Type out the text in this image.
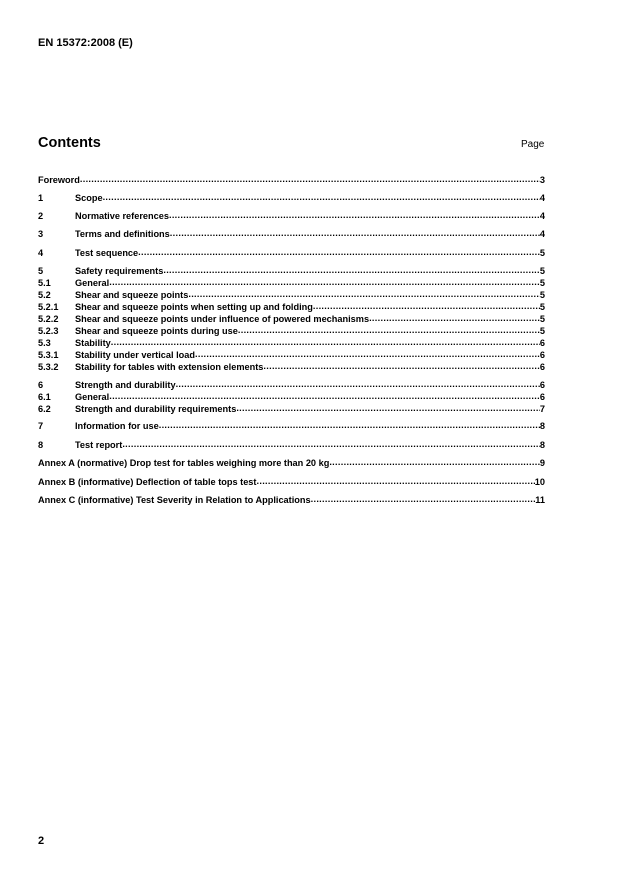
EN 15372:2008 (E)
Contents	Page
Foreword .....	3
1	Scope .....	4
2	Normative references .....	4
3	Terms and definitions .....	4
4	Test sequence .....	5
5	Safety requirements .....	5
5.1	General .....	5
5.2	Shear and squeeze points .....	5
5.2.1	Shear and squeeze points when setting up and folding .....	5
5.2.2	Shear and squeeze points under influence of powered mechanisms .....	5
5.2.3	Shear and squeeze points during use .....	5
5.3	Stability .....	6
5.3.1	Stability under vertical load .....	6
5.3.2	Stability for tables with extension elements .....	6
6	Strength and durability .....	6
6.1	General .....	6
6.2	Strength and durability requirements .....	7
7	Information for use .....	8
8	Test report .....	8
Annex A (normative) Drop test for tables weighing more than 20 kg .....	9
Annex B (informative) Deflection of table tops test .....	10
Annex C (informative) Test Severity in Relation to Applications .....	11
2
